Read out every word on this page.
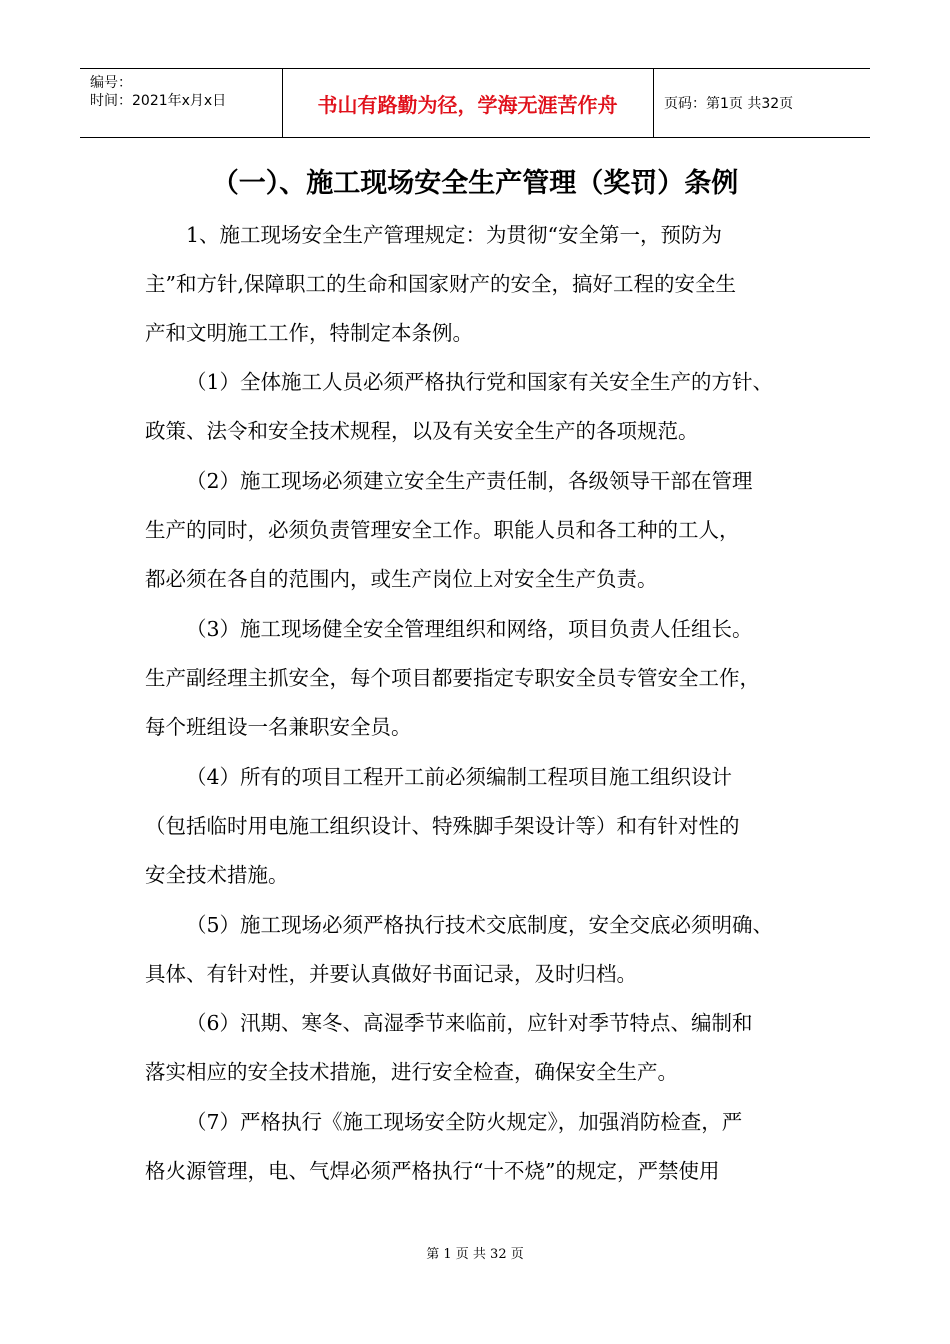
编号：
时间：2021年x月x日	书山有路勤为径，学海无涯苦作舟	页码：第1页 共32页
（一）、施工现场安全生产管理（奖罚）条例
1、施工现场安全生产管理规定：为贯彻“安全第一，预防为
主”和方针,保障职工的生命和国家财产的安全，搞好工程的安全生
产和文明施工工作，特制定本条例。
（1）全体施工人员必须严格执行党和国家有关安全生产的方针、
政策、法令和安全技术规程，以及有关安全生产的各项规范。
（2）施工现场必须建立安全生产责任制，各级领导干部在管理
生产的同时，必须负责管理安全工作。职能人员和各工种的工人，
都必须在各自的范围内，或生产岗位上对安全生产负责。
（3）施工现场健全安全管理组织和网络，项目负责人任组长。
生产副经理主抓安全，每个项目都要指定专职安全员专管安全工作，
每个班组设一名兼职安全员。
（4）所有的项目工程开工前必须编制工程项目施工组织设计
（包括临时用电施工组织设计、特殊脚手架设计等）和有针对性的
安全技术措施。
（5）施工现场必须严格执行技术交底制度，安全交底必须明确、
具体、有针对性，并要认真做好书面记录，及时归档。
（6）汛期、寒冬、高湿季节来临前，应针对季节特点、编制和
落实相应的安全技术措施，进行安全检查，确保安全生产。
（7）严格执行《施工现场安全防火规定》，加强消防检查，严
格火源管理，电、气焊必须严格执行“十不烧”的规定，严禁使用
第 1 页 共 32 页
